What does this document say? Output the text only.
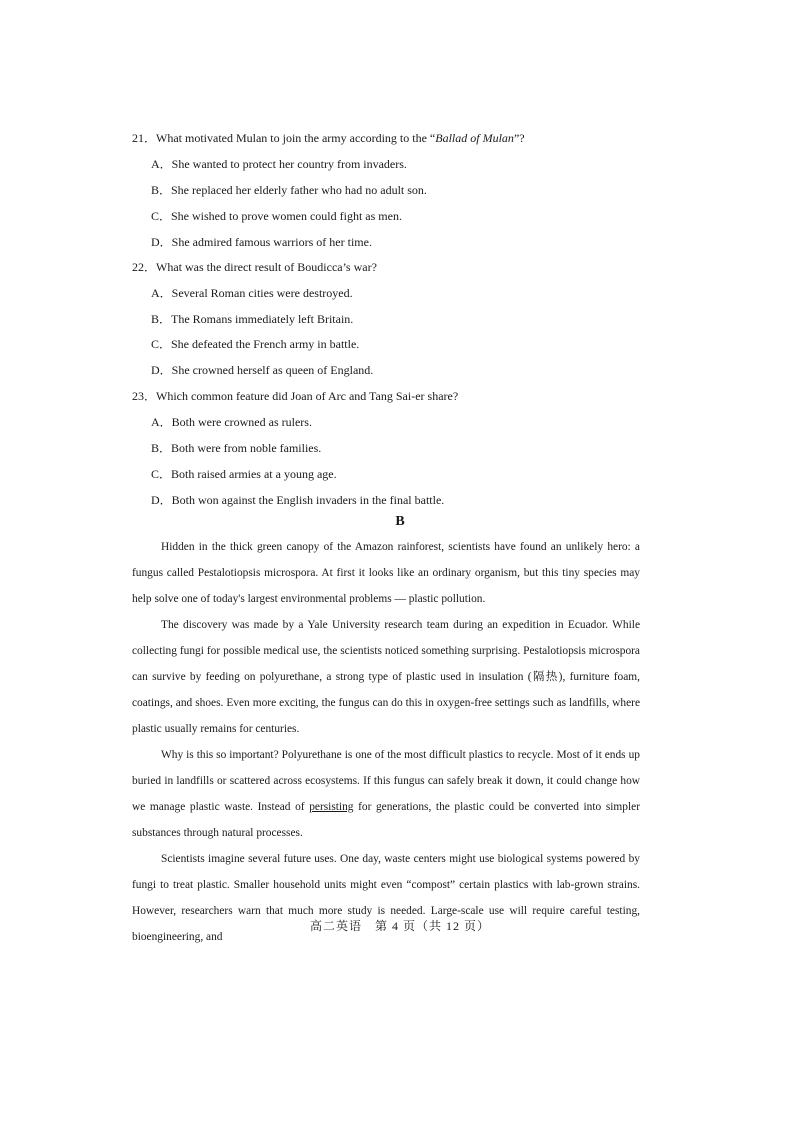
21．What motivated Mulan to join the army according to the “Ballad of Mulan”?
A．She wanted to protect her country from invaders.
B．She replaced her elderly father who had no adult son.
C．She wished to prove women could fight as men.
D．She admired famous warriors of her time.
22．What was the direct result of Boudicca’s war?
A．Several Roman cities were destroyed.
B．The Romans immediately left Britain.
C．She defeated the French army in battle.
D．She crowned herself as queen of England.
23．Which common feature did Joan of Arc and Tang Sai-er share?
A．Both were crowned as rulers.
B．Both were from noble families.
C．Both raised armies at a young age.
D．Both won against the English invaders in the final battle.
B

Hidden in the thick green canopy of the Amazon rainforest, scientists have found an unlikely hero: a fungus called Pestalotiopsis microspora. At first it looks like an ordinary organism, but this tiny species may help solve one of today's largest environmental problems — plastic pollution.

The discovery was made by a Yale University research team during an expedition in Ecuador. While collecting fungi for possible medical use, the scientists noticed something surprising. Pestalotiopsis microspora can survive by feeding on polyurethane, a strong type of plastic used in insulation (隔热), furniture foam, coatings, and shoes. Even more exciting, the fungus can do this in oxygen-free settings such as landfills, where plastic usually remains for centuries.

Why is this so important? Polyurethane is one of the most difficult plastics to recycle. Most of it ends up buried in landfills or scattered across ecosystems. If this fungus can safely break it down, it could change how we manage plastic waste. Instead of persisting for generations, the plastic could be converted into simpler substances through natural processes.

Scientists imagine several future uses. One day, waste centers might use biological systems powered by fungi to treat plastic. Smaller household units might even “compost” certain plastics with lab-grown strains. However, researchers warn that much more study is needed. Large-scale use will require careful testing, bioengineering, and

高二英语　第 4 页（共 12 页）
